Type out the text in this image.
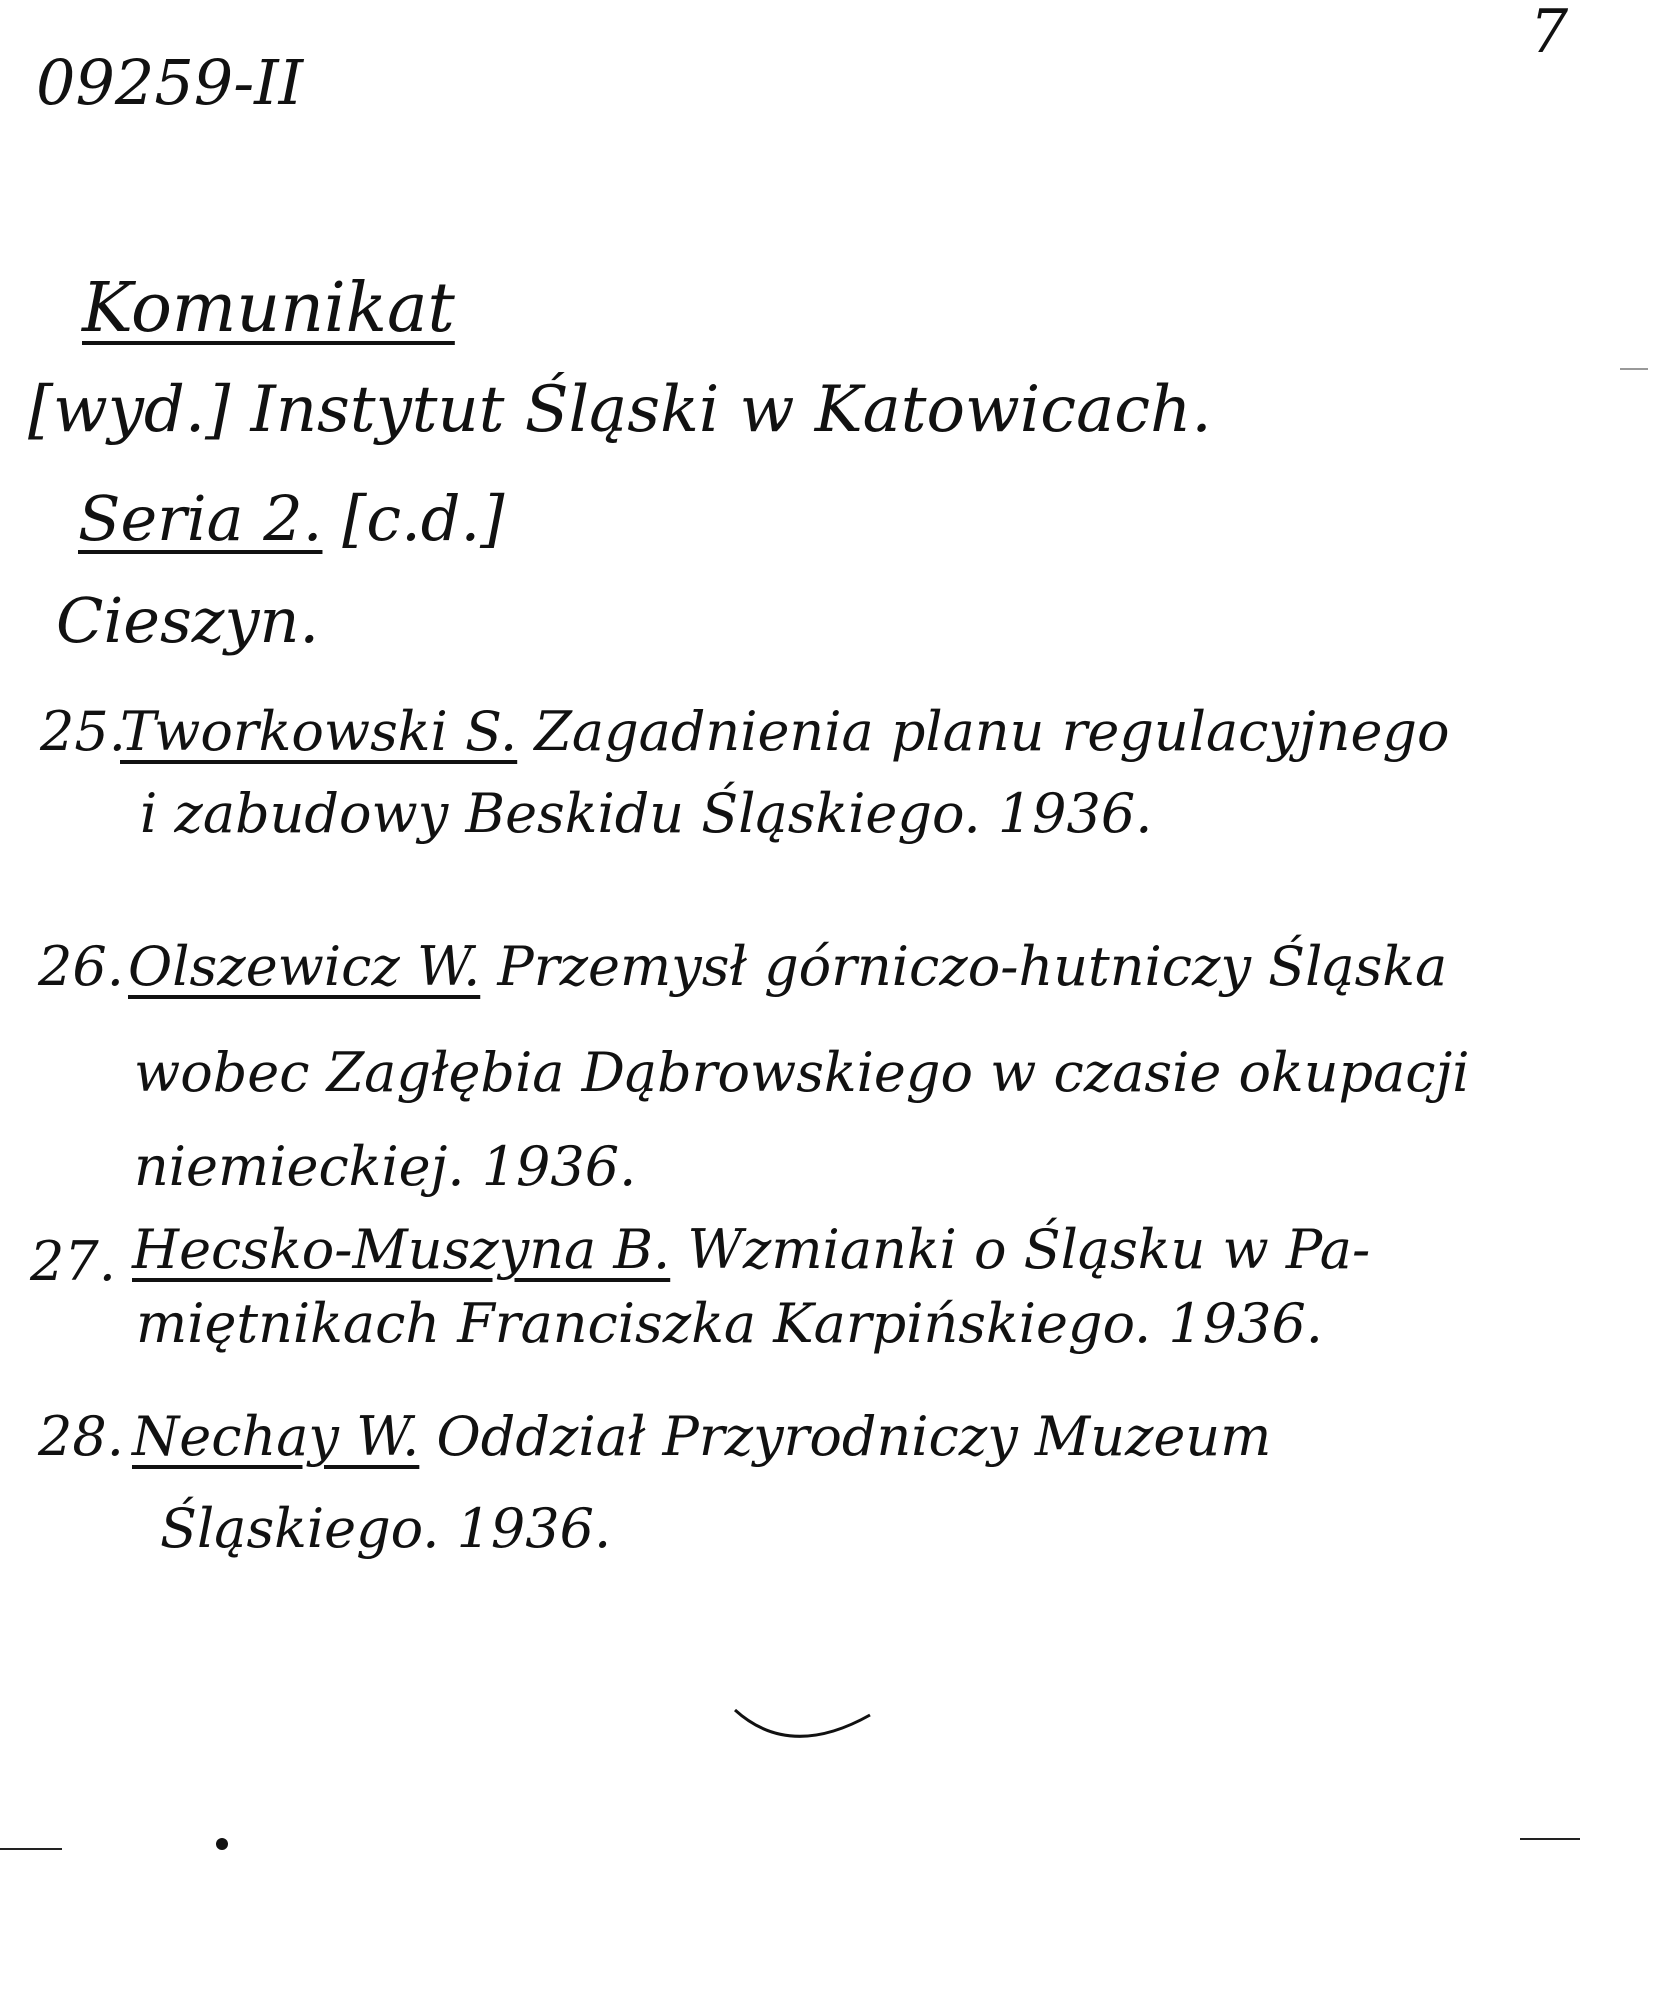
09259-II
7
Komunikat
[wyd.] Instytut Śląski w Katowicach.
Seria 2. [c.d.]
Cieszyn.
25.
Tworkowski S. Zagadnienia planu regulacyjnego
i zabudowy Beskidu Śląskiego. 1936.
26. Olszewicz W. Przemysł górniczo-hutniczy Śląska
wobec Zagłębia Dąbrowskiego w czasie okupacji
niemieckiej. 1936.
27. Hecsko-Muszyna B. Wzmianki o Śląsku w Pa-
miętnikach Franciszka Karpińskiego. 1936.
28. Nechay W. Oddział Przyrodniczy Muzeum
Śląskiego. 1936.
